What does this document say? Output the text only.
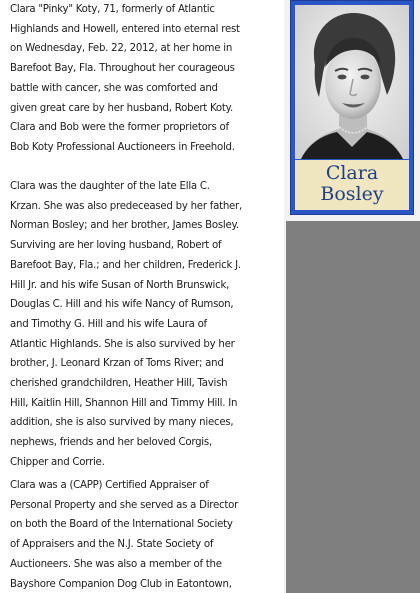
Clara "Pinky" Koty, 71, formerly of Atlantic
Highlands and Howell, entered into eternal rest
on Wednesday, Feb. 22, 2012, at her home in
Barefoot Bay, Fla. Throughout her courageous
battle with cancer, she was comforted and
given great care by her husband, Robert Koty.
Clara and Bob were the former proprietors of
Bob Koty Professional Auctioneers in Freehold.
Clara was the daughter of the late Ella C.
Krzan. She was also predeceased by her father,
Norman Bosley; and her brother, James Bosley.
Surviving are her loving husband, Robert of
Barefoot Bay, Fla.; and her children, Frederick J.
Hill Jr. and his wife Susan of North Brunswick,
Douglas C. Hill and his wife Nancy of Rumson,
and Timothy G. Hill and his wife Laura of
Atlantic Highlands. She is also survived by her
brother, J. Leonard Krzan of Toms River; and
cherished grandchildren, Heather Hill, Tavish
Hill, Kaitlin Hill, Shannon Hill and Timmy Hill. In
addition, she is also survived by many nieces,
nephews, friends and her beloved Corgis,
Chipper and Corrie.
Clara was a (CAPP) Certified Appraiser of
Personal Property and she served as a Director
on both the Board of the International Society
of Appraisers and the N.J. State Society of
Auctioneers. She was also a member of the
Bayshore Companion Dog Club in Eatontown,
Clara
Bosley
